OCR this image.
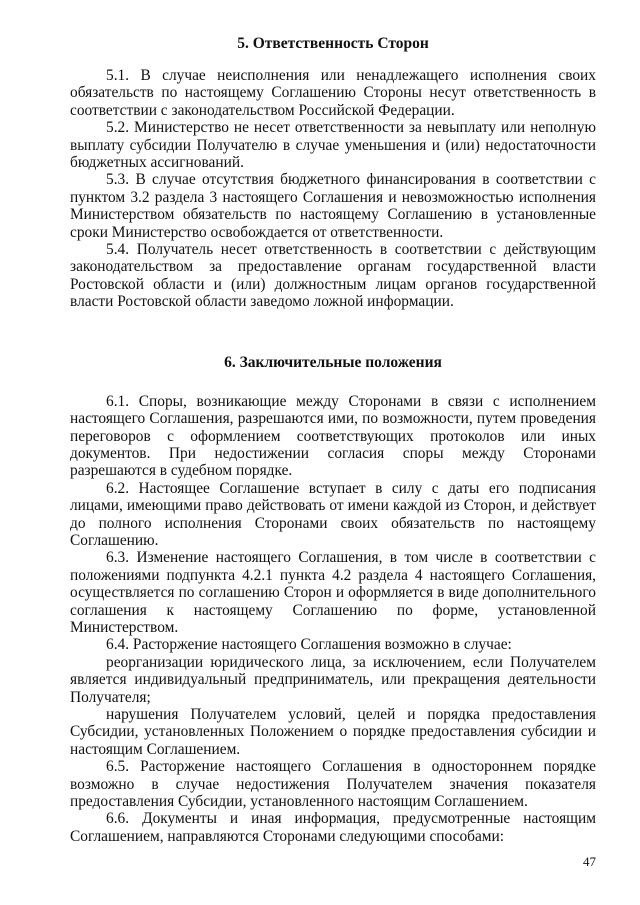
5. Ответственность Сторон

5.1. В случае неисполнения или ненадлежащего исполнения своих обязательств по настоящему Соглашению Стороны несут ответственность в соответствии с законодательством Российской Федерации.

5.2. Министерство не несет ответственности за невыплату или неполную выплату субсидии Получателю в случае уменьшения и (или) недостаточности бюджетных ассигнований.

5.3. В случае отсутствия бюджетного финансирования в соответствии с пунктом 3.2 раздела 3 настоящего Соглашения и невозможностью исполнения Министерством обязательств по настоящему Соглашению в установленные сроки Министерство освобождается от ответственности.

5.4. Получатель несет ответственность в соответствии с действующим законодательством за предоставление органам государственной власти Ростовской области и (или) должностным лицам органов государственной власти Ростовской области заведомо ложной информации.

6. Заключительные положения

6.1. Споры, возникающие между Сторонами в связи с исполнением настоящего Соглашения, разрешаются ими, по возможности, путем проведения переговоров с оформлением соответствующих протоколов или иных документов. При недостижении согласия споры между Сторонами разрешаются в судебном порядке.

6.2. Настоящее Соглашение вступает в силу с даты его подписания лицами, имеющими право действовать от имени каждой из Сторон, и действует до полного исполнения Сторонами своих обязательств по настоящему Соглашению.

6.3. Изменение настоящего Соглашения, в том числе в соответствии с положениями подпункта 4.2.1 пункта 4.2 раздела 4 настоящего Соглашения, осуществляется по соглашению Сторон и оформляется в виде дополнительного соглашения к настоящему Соглашению по форме, установленной Министерством.

6.4. Расторжение настоящего Соглашения возможно в случае:

реорганизации юридического лица, за исключением, если Получателем является индивидуальный предприниматель, или прекращения деятельности Получателя;

нарушения Получателем условий, целей и порядка предоставления Субсидии, установленных Положением о порядке предоставления субсидии и настоящим Соглашением.

6.5. Расторжение настоящего Соглашения в одностороннем порядке возможно в случае недостижения Получателем значения показателя предоставления Субсидии, установленного настоящим Соглашением.

6.6. Документы и иная информация, предусмотренные настоящим Соглашением, направляются Сторонами следующими способами:

47
